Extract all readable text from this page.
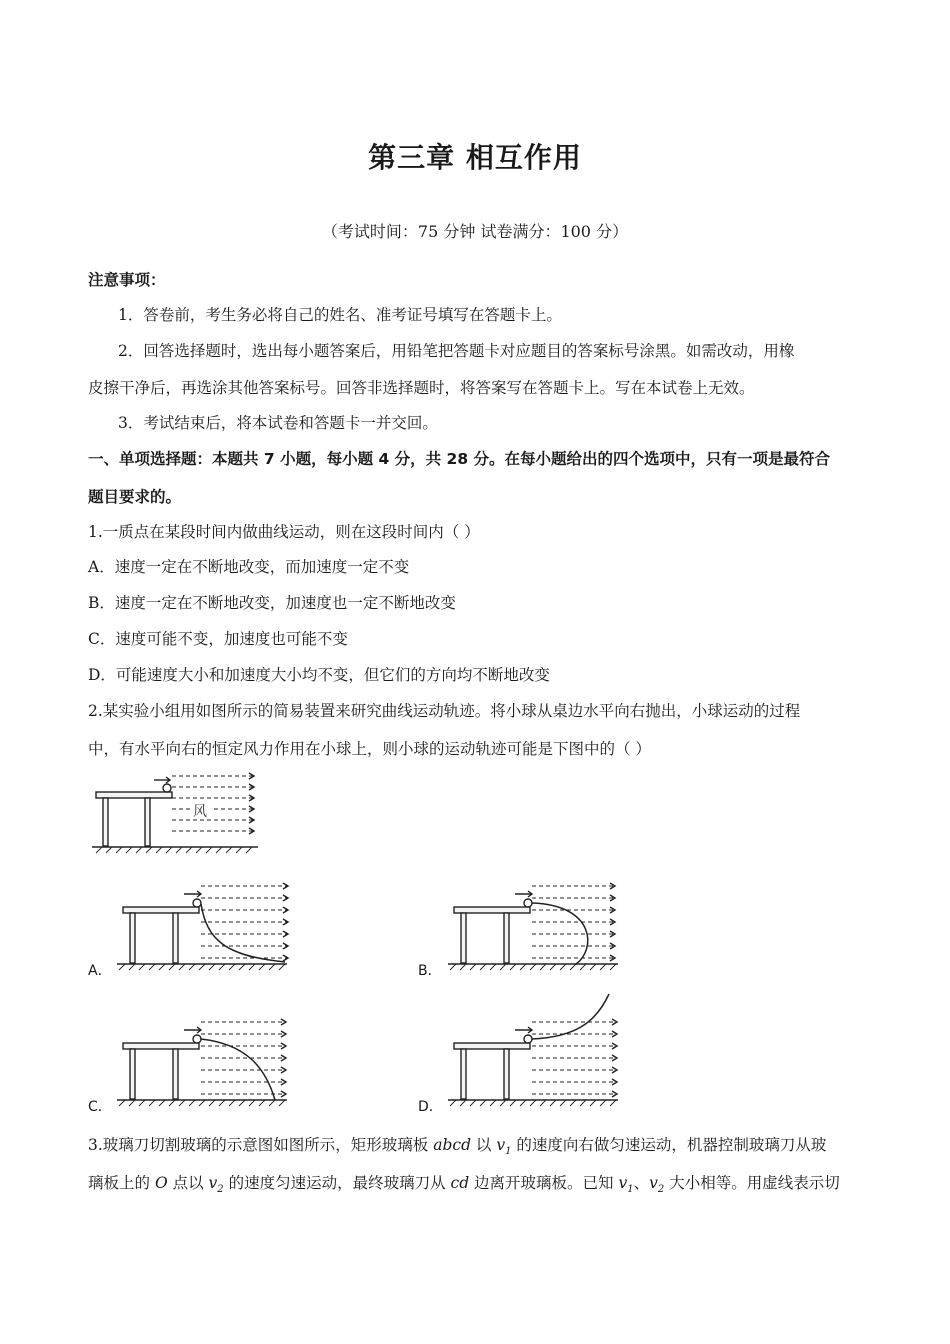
第三章 相互作用
（考试时间：75 分钟 试卷满分：100 分）
注意事项：
1．答卷前，考生务必将自己的姓名、准考证号填写在答题卡上。
2．回答选择题时，选出每小题答案后，用铅笔把答题卡对应题目的答案标号涂黑。如需改动，用橡
皮擦干净后，再选涂其他答案标号。回答非选择题时，将答案写在答题卡上。写在本试卷上无效。
3．考试结束后，将本试卷和答题卡一并交回。
一、单项选择题：本题共 7 小题，每小题 4 分，共 28 分。在每小题给出的四个选项中，只有一项是最符合
题目要求的。
1.一质点在某段时间内做曲线运动，则在这段时间内（ ）
A．速度一定在不断地改变，而加速度一定不变
B．速度一定在不断地改变，加速度也一定不断地改变
C．速度可能不变，加速度也可能不变
D．可能速度大小和加速度大小均不变，但它们的方向均不断地改变
2.某实验小组用如图所示的简易装置来研究曲线运动轨迹。将小球从桌边水平向右抛出，小球运动的过程
中，有水平向右的恒定风力作用在小球上，则小球的运动轨迹可能是下图中的（ ）
风
A．	B．
C．	D．
3.玻璃刀切割玻璃的示意图如图所示，矩形玻璃板 abcd 以 $v_1$ 的速度向右做匀速运动，机器控制玻璃刀从玻
璃板上的 O 点以 $v_2$ 的速度匀速运动，最终玻璃刀从 cd 边离开玻璃板。已知 $v_1$、$v_2$ 大小相等。用虚线表示切
